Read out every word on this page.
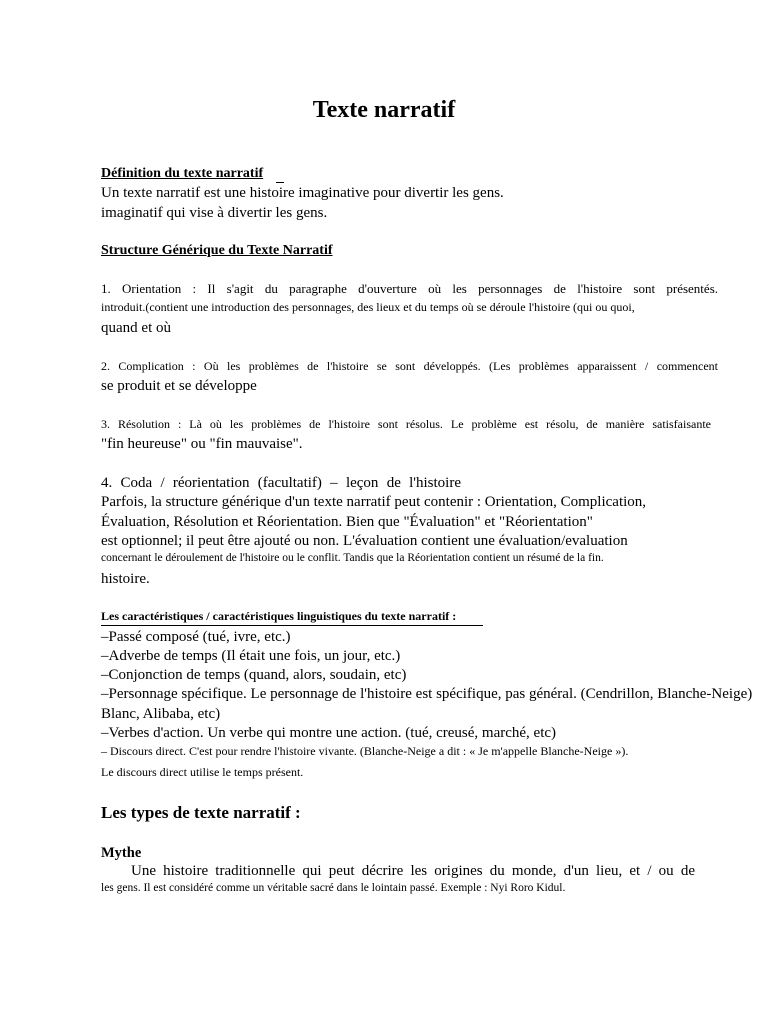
Texte narratif
Définition du texte narratif
Un texte narratif est une histoire imaginative pour divertir les gens.
imaginatif qui vise à divertir les gens.
Structure Générique du Texte Narratif
1. Orientation : Il s'agit du paragraphe d'ouverture où les personnages de l'histoire sont présentés.
introduit.(contient une introduction des personnages, des lieux et du temps où se déroule l'histoire (qui ou quoi,
quand et où
2. Complication : Où les problèmes de l'histoire se sont développés. (Les problèmes apparaissent / commencent
se produit et se développe
3. Résolution : Là où les problèmes de l'histoire sont résolus. Le problème est résolu, de manière satisfaisante
"fin heureuse" ou "fin mauvaise".
4. Coda / réorientation (facultatif) – leçon de l'histoire
Parfois, la structure générique d'un texte narratif peut contenir : Orientation, Complication,
Évaluation, Résolution et Réorientation. Bien que "Évaluation" et "Réorientation"
est optionnel; il peut être ajouté ou non. L'évaluation contient une évaluation/evaluation
concernant le déroulement de l'histoire ou le conflit. Tandis que la Réorientation contient un résumé de la fin.
histoire.
Les caractéristiques / caractéristiques linguistiques du texte narratif :
–Passé composé (tué, ivre, etc.)
–Adverbe de temps (Il était une fois, un jour, etc.)
–Conjonction de temps (quand, alors, soudain, etc)
–Personnage spécifique. Le personnage de l'histoire est spécifique, pas général. (Cendrillon, Blanche-Neige)
Blanc, Alibaba, etc)
–Verbes d'action. Un verbe qui montre une action. (tué, creusé, marché, etc)
– Discours direct. C'est pour rendre l'histoire vivante. (Blanche-Neige a dit : « Je m'appelle Blanche-Neige »).
Le discours direct utilise le temps présent.
Les types de texte narratif :
Mythe
Une histoire traditionnelle qui peut décrire les origines du monde, d'un lieu, et / ou de
les gens. Il est considéré comme un véritable sacré dans le lointain passé. Exemple : Nyi Roro Kidul.
